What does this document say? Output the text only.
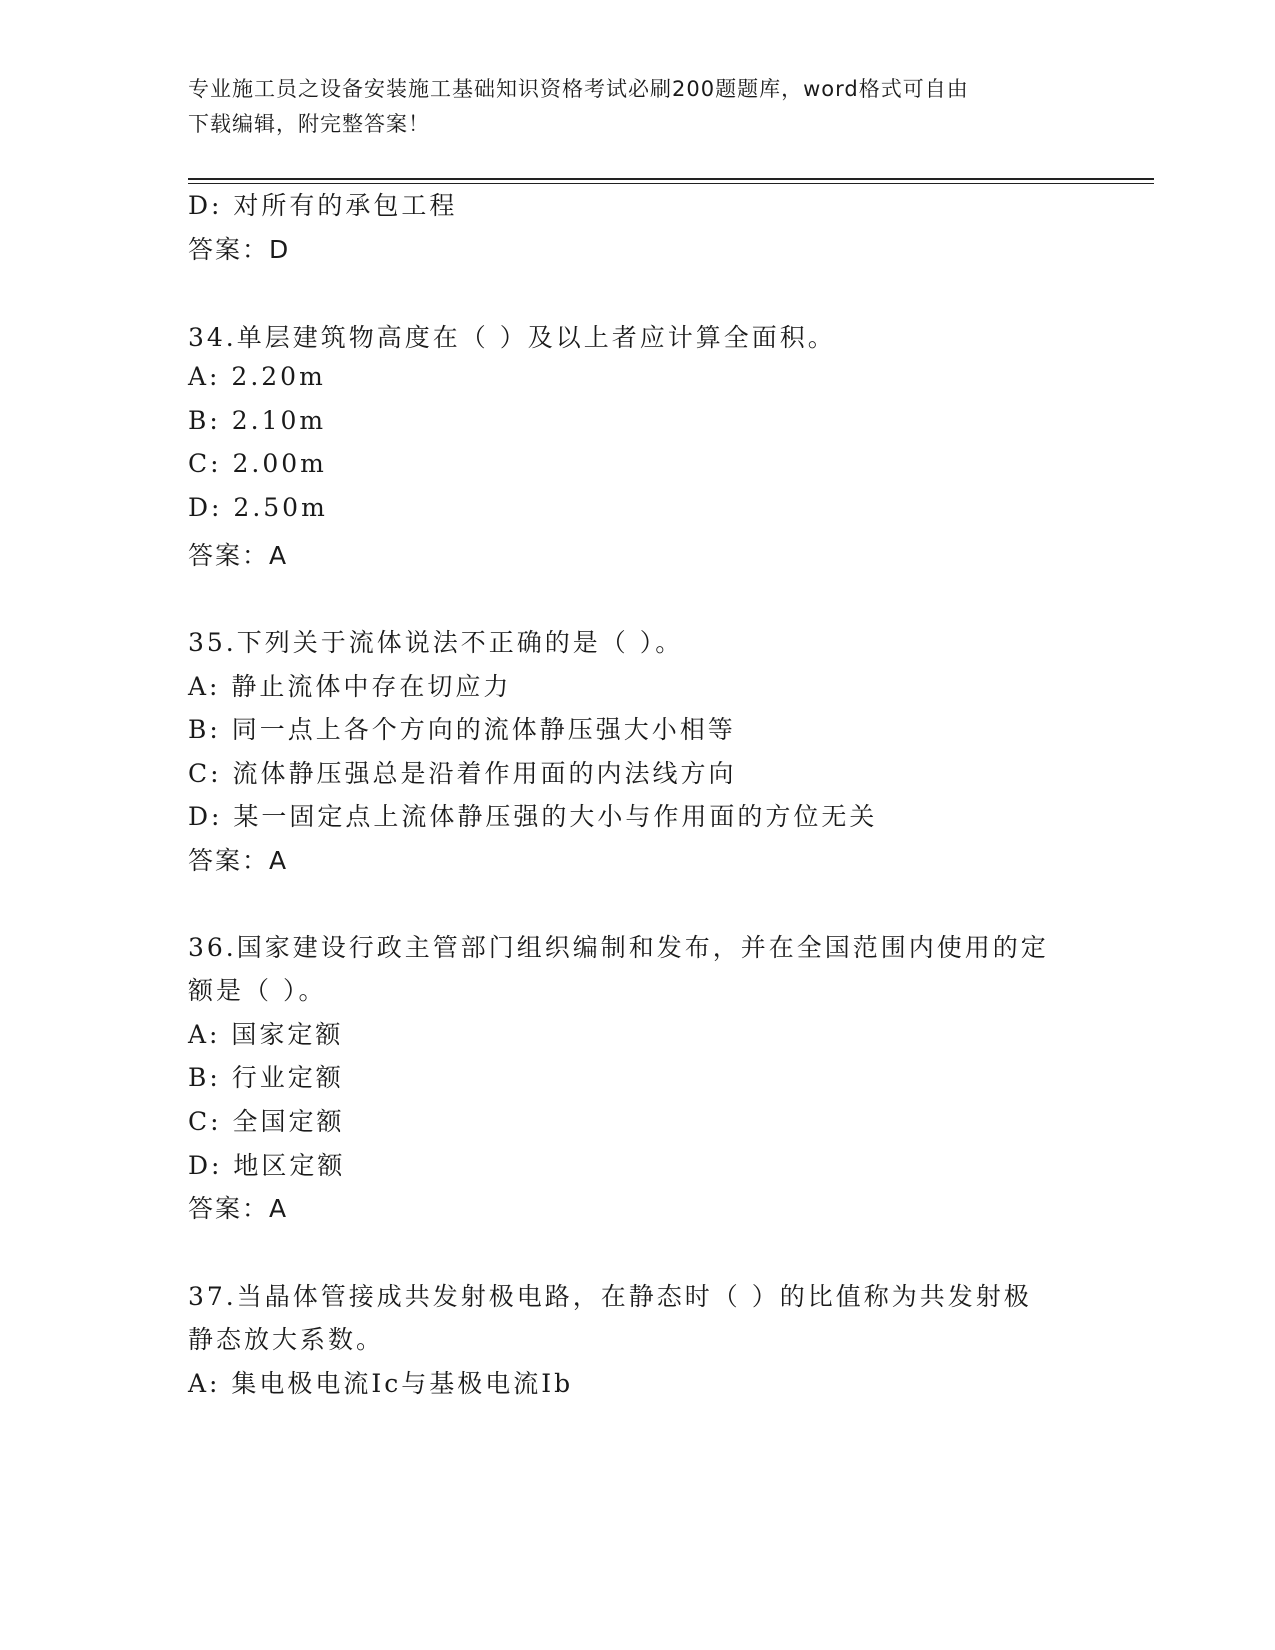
专业施工员之设备安装施工基础知识资格考试必刷200题题库，word格式可自由
下载编辑，附完整答案！
D: 对所有的承包工程
答案：D
34.单层建筑物高度在（ ）及以上者应计算全面积。
A: 2.20m
B: 2.10m
C: 2.00m
D: 2.50m
答案：A
35.下列关于流体说法不正确的是（ ）。
A: 静止流体中存在切应力
B: 同一点上各个方向的流体静压强大小相等
C: 流体静压强总是沿着作用面的内法线方向
D: 某一固定点上流体静压强的大小与作用面的方位无关
答案：A
36.国家建设行政主管部门组织编制和发布，并在全国范围内使用的定
额是（ ）。
A: 国家定额
B: 行业定额
C: 全国定额
D: 地区定额
答案：A
37.当晶体管接成共发射极电路，在静态时（ ）的比值称为共发射极
静态放大系数。
A: 集电极电流Ic与基极电流Ib
